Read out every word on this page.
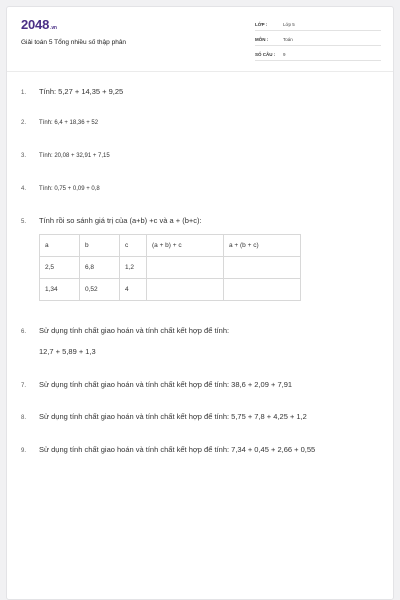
2048.vn
Giải toán 5 Tổng nhiều số thập phân
LỚP :	Lớp 5
MÔN :	Toán
SỐ CÂU : 9
1. Tính: 5,27 + 14,35 + 9,25
2. Tính: 6,4 + 18,36 + 52
3. Tính: 20,08 + 32,91 + 7,15
4. Tính: 0,75 + 0,09 + 0,8
5. Tính rồi so sánh giá trị của (a+b) +c và a + (b+c):
a	b	c	(a + b) + c	a + (b + c)
2,5	6,8	1,2		
1,34	0,52	4		
6. Sử dụng tính chất giao hoán và tính chất kết hợp để tính:
12,7 + 5,89 + 1,3
7. Sử dụng tính chất giao hoán và tính chất kết hợp để tính: 38,6 + 2,09 + 7,91
8. Sử dụng tính chất giao hoán và tính chất kết hợp để tính: 5,75 + 7,8 + 4,25 + 1,2
9. Sử dụng tính chất giao hoán và tính chất kết hợp để tính: 7,34 + 0,45 + 2,66 + 0,55
